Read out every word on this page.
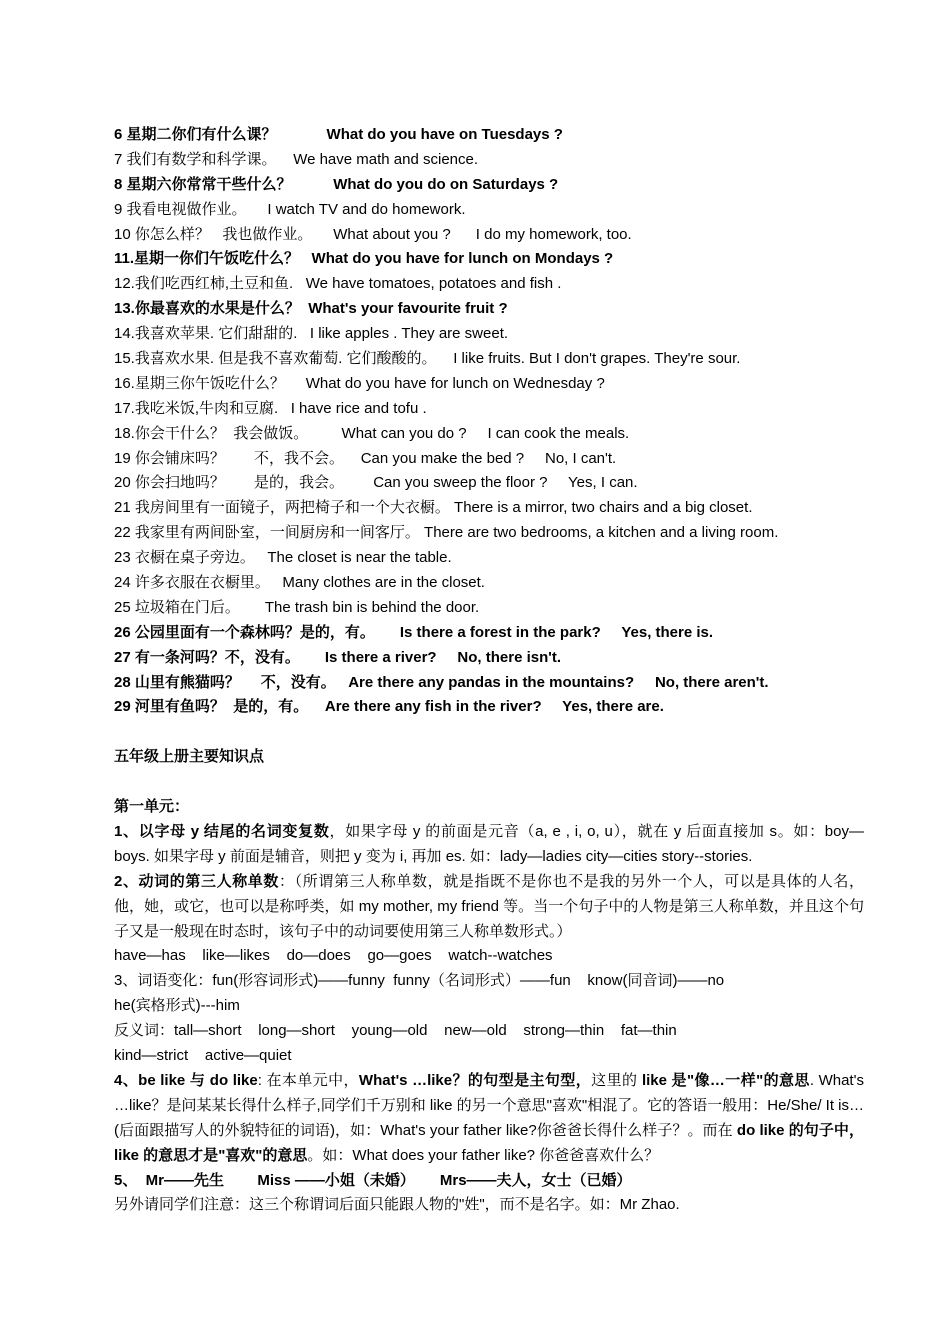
6 星期二你们有什么课？	What do you have on Tuesdays ?
7 我们有数学和科学课。 We have math and science.
8 星期六你常常干些什么？	What do you do on Saturdays ?
9 我看电视做作业。 I watch TV and do homework.
10 你怎么样？   我也做作业。 What about you ?      I do my homework, too.
11.星期一你们午饭吃什么？ What do you have for lunch on Mondays ?
12.我们吃西红柿,土豆和鱼. We have tomatoes, potatoes and fish .
13.你最喜欢的水果是什么？ What's your favourite fruit ?
14.我喜欢苹果. 它们甜甜的. I like apples . They are sweet.
15.我喜欢水果. 但是我不喜欢葡萄. 它们酸酸的。 I like fruits. But I don't grapes. They're sour.
16.星期三你午饭吃什么？ What do you have for lunch on Wednesday ?
17.我吃米饭,牛肉和豆腐. I have rice and tofu .
18.你会干什么？  我会做饭。 What can you do ?     I can cook the meals.
19 你会铺床吗？       不，我不会。 Can you make the bed ?     No, I can't.
20 你会扫地吗？       是的，我会。 Can you sweep the floor ?     Yes, I can.
21 我房间里有一面镜子，两把椅子和一个大衣橱。 There is a mirror, two chairs and a big closet.
22 我家里有两间卧室，一间厨房和一间客厅。 There are two bedrooms, a kitchen and a living room.
23 衣橱在桌子旁边。 The closet is near the table.
24 许多衣服在衣橱里。 Many clothes are in the closet.
25 垃圾箱在门后。 The trash bin is behind the door.
26 公园里面有一个森林吗？是的，有。 Is there a forest in the park?     Yes, there is.
27 有一条河吗？不，没有。 Is there a river?     No, there isn't.
28 山里有熊猫吗？     不，没有。 Are there any pandas in the mountains?     No, there aren't.
29 河里有鱼吗？  是的，有。 Are there any fish in the river?     Yes, there are.
五年级上册主要知识点
第一单元：

1、以字母 y 结尾的名词变复数，如果字母 y 的前面是元音（a, e , i, o, u），就在 y 后面直接加 s。如：boy—boys. 如果字母 y 前面是辅音，则把 y 变为 i, 再加 es. 如：lady—ladies city—cities story--stories.

2、动词的第三人称单数：（所谓第三人称单数，就是指既不是你也不是我的另外一个人，可以是具体的人名，他，她，或它，也可以是称呼类，如 my mother, my friend 等。当一个句子中的人物是第三人称单数，并且这个句子又是一般现在时态时，该句子中的动词要使用第三人称单数形式。）

have—has    like—likes    do—does    go—goes    watch--watches
3、词语变化：fun(形容词形式)——funny  funny（名词形式）——fun    know(同音词)——no
he(宾格形式)---him
反义词：tall—short    long—short    young—old    new—old    strong—thin    fat—thin
kind—strict    active—quiet

4、be like 与 do like: 在本单元中，What's …like？的句型是主句型，这里的 like 是"像…一样"的意思. What's …like？是问某某长得什么样子,同学们千万别和 like 的另一个意思"喜欢"相混了。它的答语一般用：He/She/ It is…(后面跟描写人的外貌特征的词语)，如：What's your father like?你爸爸长得什么样子？。而在 do like 的句子中，like 的意思才是"喜欢"的意思。如：What does your father like? 你爸爸喜欢什么？

5、  Mr——先生        Miss ——小姐（未婚）      Mrs——夫人，女士（已婚）
另外请同学们注意：这三个称谓词后面只能跟人物的"姓"，而不是名字。如：Mr Zhao.
